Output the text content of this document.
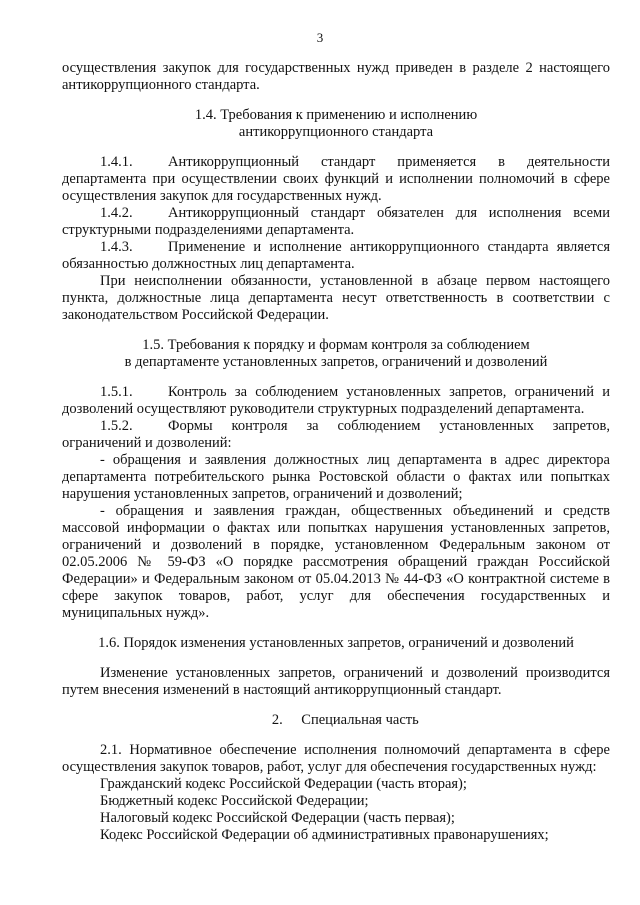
3

осуществления закупок для государственных нужд приведен в разделе 2 настоящего антикоррупционного стандарта.

1.4. Требования к применению и исполнению
антикоррупционного стандарта

1.4.1. Антикоррупционный стандарт применяется в деятельности департамента при осуществлении своих функций и исполнении полномочий в сфере осуществления закупок для государственных нужд.

1.4.2. Антикоррупционный стандарт обязателен для исполнения всеми структурными подразделениями департамента.

1.4.3. Применение и исполнение антикоррупционного стандарта является обязанностью должностных лиц департамента.

При неисполнении обязанности, установленной в абзаце первом настоящего пункта, должностные лица департамента несут ответственность в соответствии с законодательством Российской Федерации.

1.5. Требования к порядку и формам контроля за соблюдением
в департаменте установленных запретов, ограничений и дозволений

1.5.1. Контроль за соблюдением установленных запретов, ограничений и дозволений осуществляют руководители структурных подразделений департамента.

1.5.2. Формы контроля за соблюдением установленных запретов, ограничений и дозволений:

- обращения и заявления должностных лиц департамента в адрес директора департамента потребительского рынка Ростовской области о фактах или попытках нарушения установленных запретов, ограничений и дозволений;

- обращения и заявления граждан, общественных объединений и средств массовой информации о фактах или попытках нарушения установленных запретов, ограничений и дозволений в порядке, установленном Федеральным законом от 02.05.2006 № 59-ФЗ «О порядке рассмотрения обращений граждан Российской Федерации» и Федеральным законом от 05.04.2013 № 44-ФЗ «О контрактной системе в сфере закупок товаров, работ, услуг для обеспечения государственных и муниципальных нужд».

1.6. Порядок изменения установленных запретов, ограничений и дозволений

Изменение установленных запретов, ограничений и дозволений производится путем внесения изменений в настоящий антикоррупционный стандарт.

2. Специальная часть

2.1. Нормативное обеспечение исполнения полномочий департамента в сфере осуществления закупок товаров, работ, услуг для обеспечения государственных нужд:

Гражданский кодекс Российской Федерации (часть вторая);

Бюджетный кодекс Российской Федерации;

Налоговый кодекс Российской Федерации (часть первая);

Кодекс Российской Федерации об административных правонарушениях;
